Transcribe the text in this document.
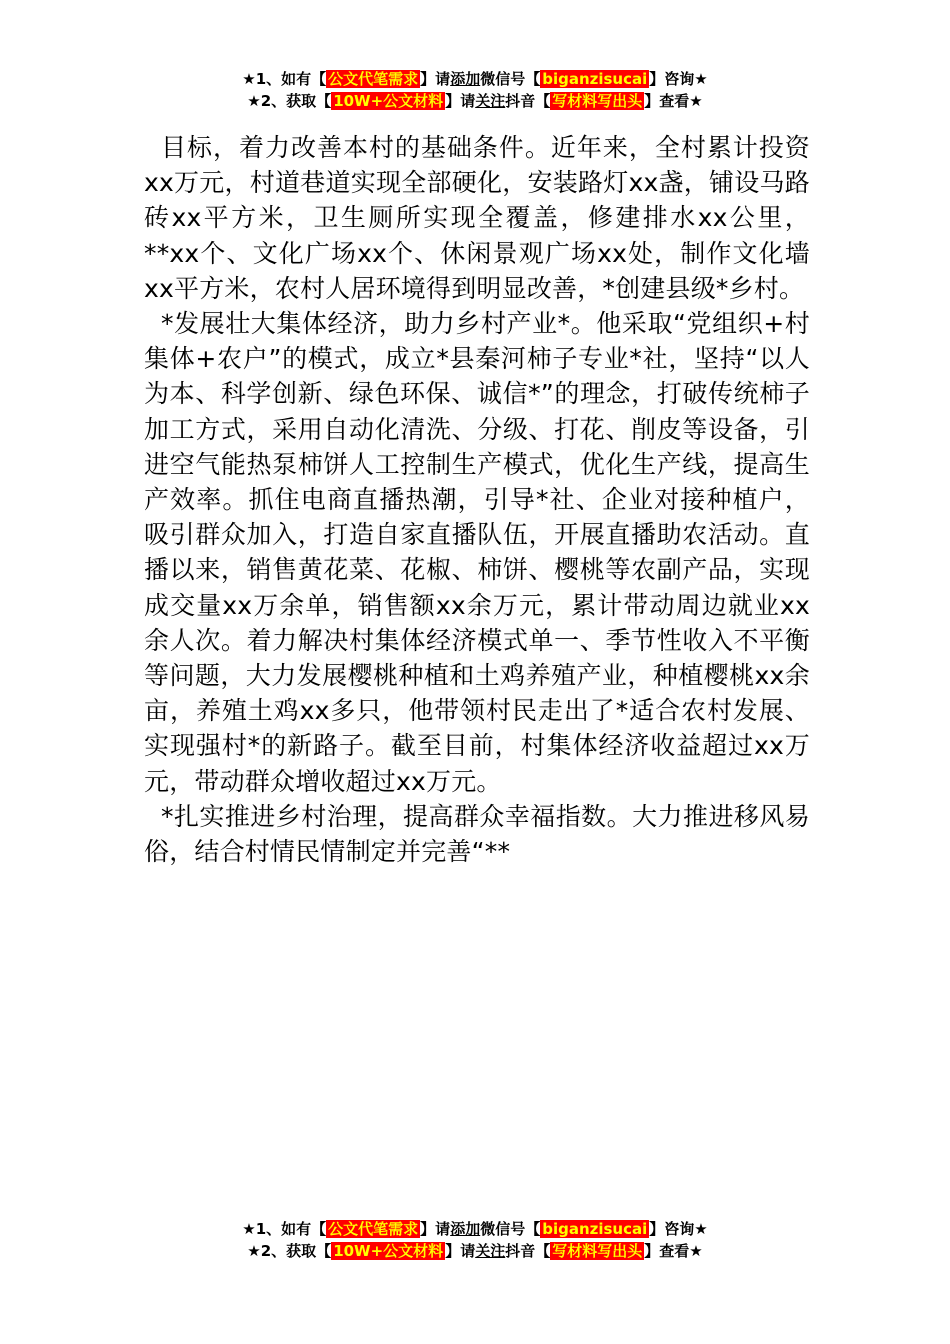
★1、如有【 公文代笔需求 】请添加微信号【 biganzisucai 】咨询★
★2、获取【 10W+公文材料 】请关注抖音【 写材料写出头 】查看★

目标，着力改善本村的基础条件。近年来，全村累计投资xx万元，村道巷道实现全部硬化，安装路灯xx盏，铺设马路砖xx平方米，卫生厕所实现全覆盖，修建排水xx公里，**xx个、文化广场xx个、休闲景观广场xx处，制作文化墙xx平方米，农村人居环境得到明显改善，*创建县级*乡村。

*发展壮大集体经济，助力乡村产业*。他采取“党组织+村集体+农户”的模式，成立*县秦河柿子专业*社，坚持“以人为本、科学创新、绿色环保、诚信*”的理念，打破传统柿子加工方式，采用自动化清洗、分级、打花、削皮等设备，引进空气能热泵柿饼人工控制生产模式，优化生产线，提高生产效率。抓住电商直播热潮，引导*社、企业对接种植户，吸引群众加入，打造自家直播队伍，开展直播助农活动。直播以来，销售黄花菜、花椒、柿饼、樱桃等农副产品，实现成交量xx万余单，销售额xx余万元，累计带动周边就业xx余人次。着力解决村集体经济模式单一、季节性收入不平衡等问题，大力发展樱桃种植和土鸡养殖产业，种植樱桃xx余亩，养殖土鸡xx多只，他带领村民走出了*适合农村发展、实现强村*的新路子。截至目前，村集体经济收益超过xx万元，带动群众增收超过xx万元。

*扎实推进乡村治理，提高群众幸福指数。大力推进移风易俗，结合村情民情制定并完善“**

★1、如有【 公文代笔需求 】请添加微信号【 biganzisucai 】咨询★
★2、获取【 10W+公文材料 】请关注抖音【 写材料写出头 】查看★
